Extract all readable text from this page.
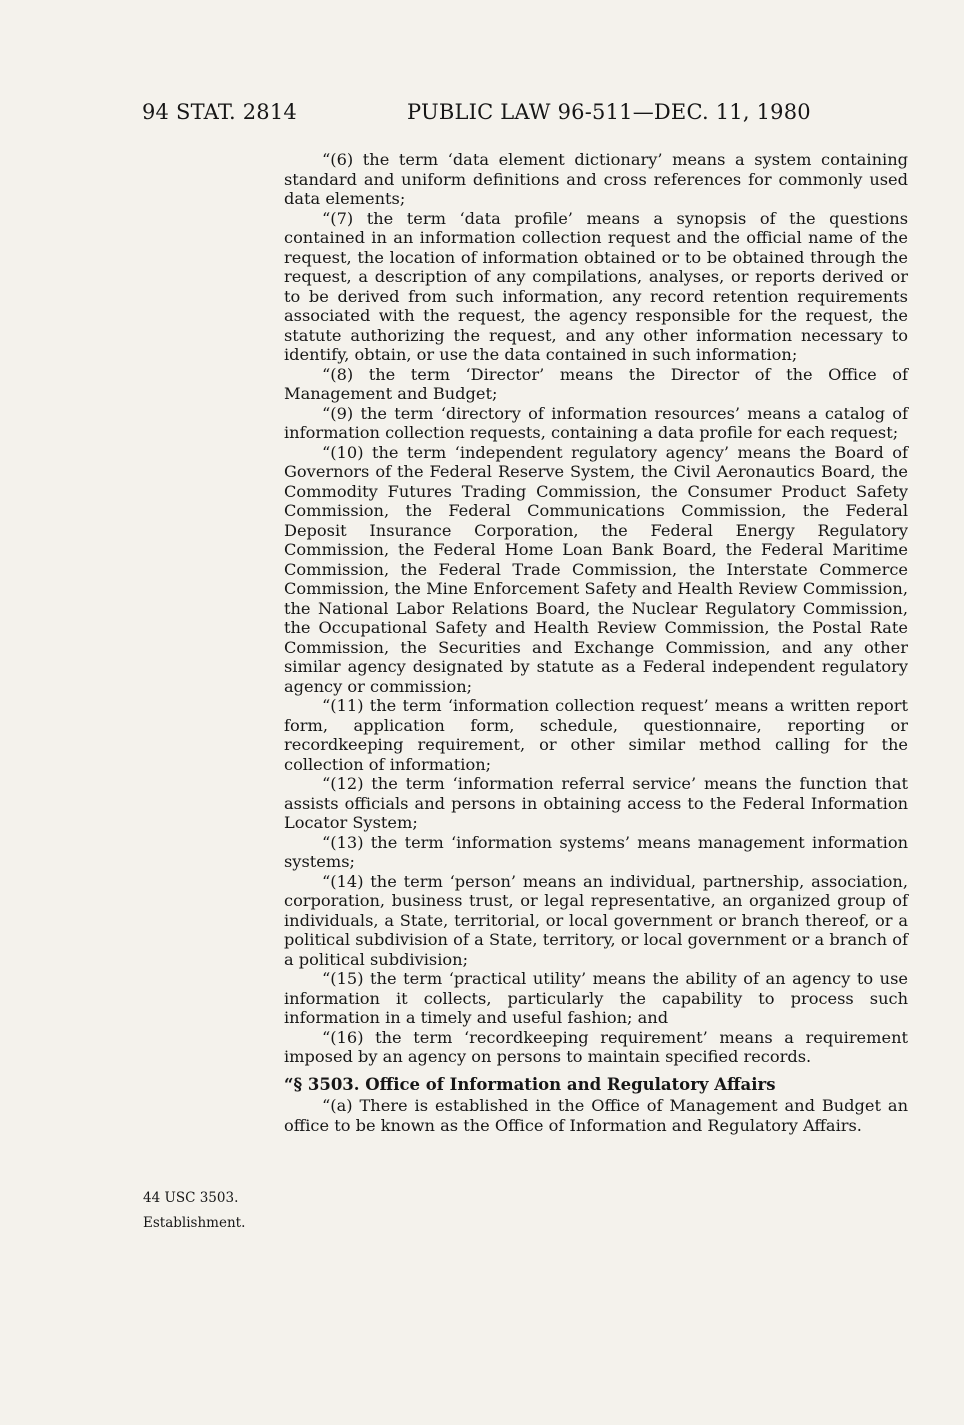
94 STAT. 2814	PUBLIC LAW 96-511—DEC. 11, 1980

“(6) the term ‘data element dictionary’ means a system containing standard and uniform definitions and cross references for commonly used data elements;

“(7) the term ‘data profile’ means a synopsis of the questions contained in an information collection request and the official name of the request, the location of information obtained or to be obtained through the request, a description of any compilations, analyses, or reports derived or to be derived from such information, any record retention requirements associated with the request, the agency responsible for the request, the statute authorizing the request, and any other information necessary to identify, obtain, or use the data contained in such information;

“(8) the term ‘Director’ means the Director of the Office of Management and Budget;

“(9) the term ‘directory of information resources’ means a catalog of information collection requests, containing a data profile for each request;

“(10) the term ‘independent regulatory agency’ means the Board of Governors of the Federal Reserve System, the Civil Aeronautics Board, the Commodity Futures Trading Commission, the Consumer Product Safety Commission, the Federal Communications Commission, the Federal Deposit Insurance Corporation, the Federal Energy Regulatory Commission, the Federal Home Loan Bank Board, the Federal Maritime Commission, the Federal Trade Commission, the Interstate Commerce Commission, the Mine Enforcement Safety and Health Review Commission, the National Labor Relations Board, the Nuclear Regulatory Commission, the Occupational Safety and Health Review Commission, the Postal Rate Commission, the Securities and Exchange Commission, and any other similar agency designated by statute as a Federal independent regulatory agency or commission;

“(11) the term ‘information collection request’ means a written report form, application form, schedule, questionnaire, reporting or recordkeeping requirement, or other similar method calling for the collection of information;

“(12) the term ‘information referral service’ means the function that assists officials and persons in obtaining access to the Federal Information Locator System;

“(13) the term ‘information systems’ means management information systems;

“(14) the term ‘person’ means an individual, partnership, association, corporation, business trust, or legal representative, an organized group of individuals, a State, territorial, or local government or branch thereof, or a political subdivision of a State, territory, or local government or a branch of a political subdivision;

“(15) the term ‘practical utility’ means the ability of an agency to use information it collects, particularly the capability to process such information in a timely and useful fashion; and

“(16) the term ‘recordkeeping requirement’ means a requirement imposed by an agency on persons to maintain specified records.

“§ 3503. Office of Information and Regulatory Affairs

“(a) There is established in the Office of Management and Budget an office to be known as the Office of Information and Regulatory Affairs.

44 USC 3503.
Establishment.
